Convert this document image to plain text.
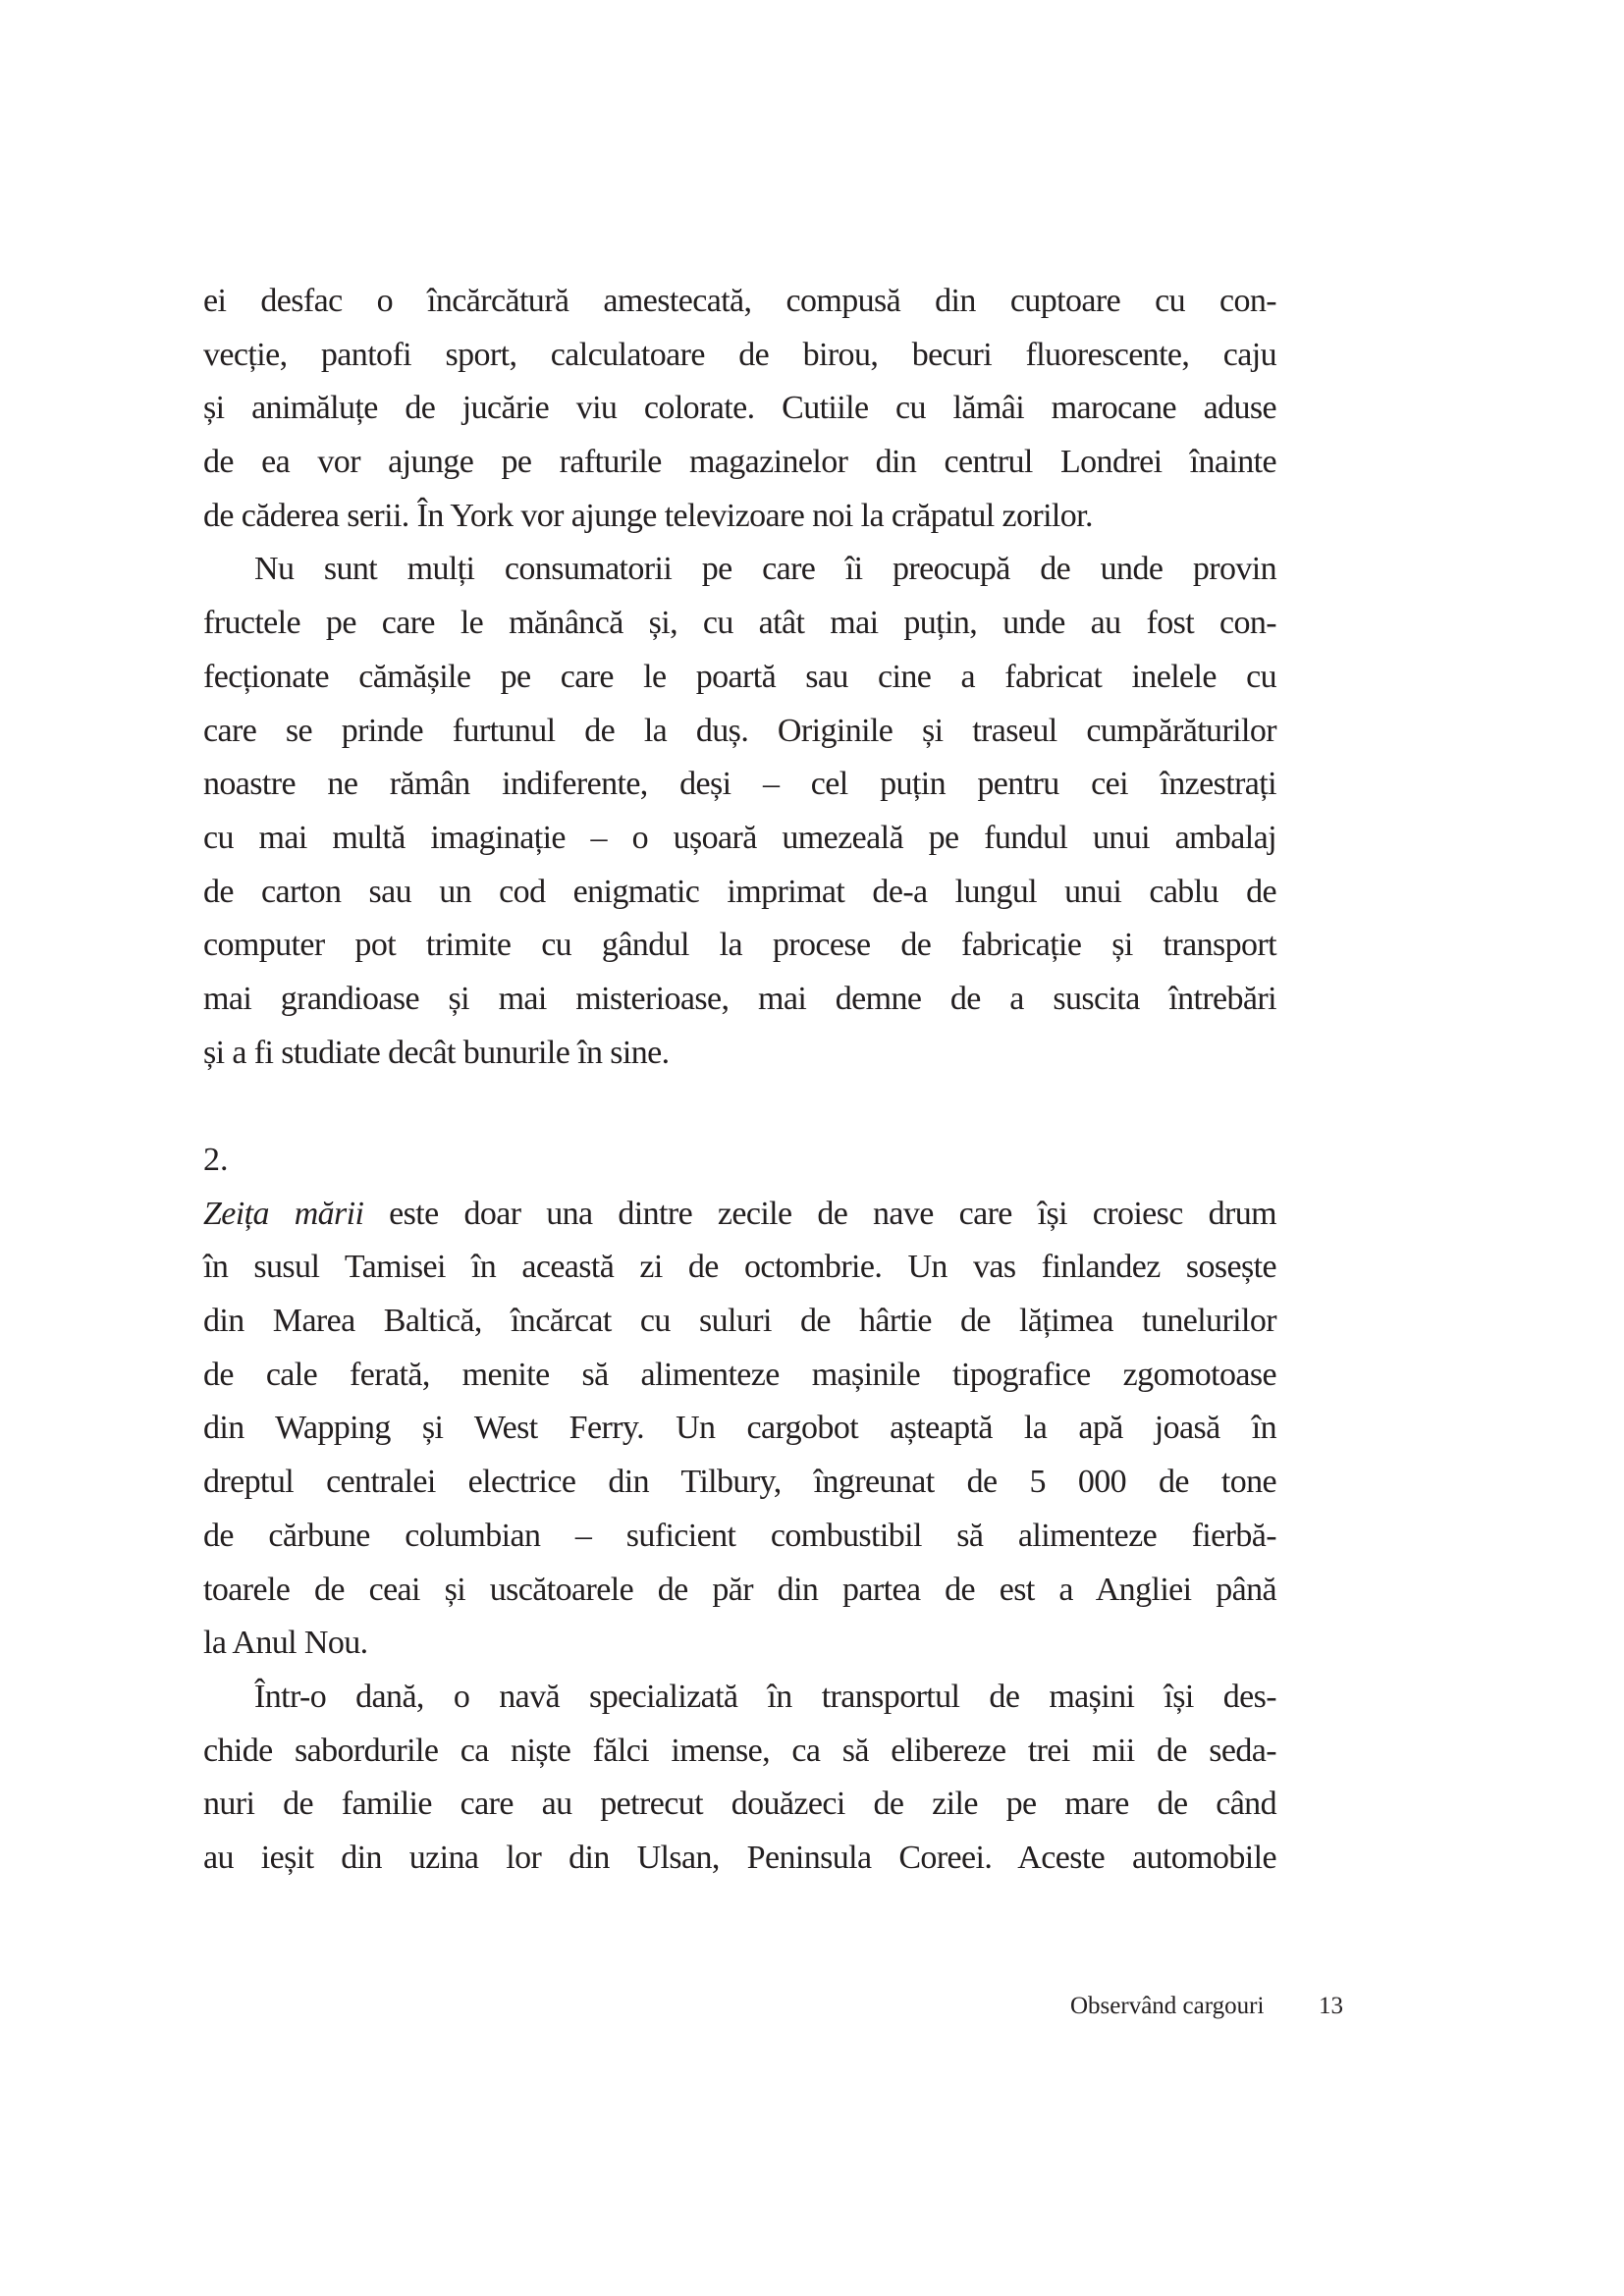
ei desfac o încărcătură amestecată, compusă din cuptoare cu con-
vecție, pantofi sport, calculatoare de birou, becuri fluorescente, caju
și animăluțe de jucărie viu colorate. Cutiile cu lămâi marocane aduse
de ea vor ajunge pe rafturile magazinelor din centrul Londrei înainte
de căderea serii. În York vor ajunge televizoare noi la crăpatul zorilor.
Nu sunt mulți consumatorii pe care îi preocupă de unde provin
fructele pe care le mănâncă și, cu atât mai puțin, unde au fost con-
fecționate cămășile pe care le poartă sau cine a fabricat inelele cu
care se prinde furtunul de la duș. Originile și traseul cumpărăturilor
noastre ne rămân indiferente, deși – cel puțin pentru cei înzestrați
cu mai multă imaginație – o ușoară umezeală pe fundul unui ambalaj
de carton sau un cod enigmatic imprimat de-a lungul unui cablu de
computer pot trimite cu gândul la procese de fabricație și transport
mai grandioase și mai misterioase, mai demne de a suscita întrebări
și a fi studiate decât bunurile în sine.
2.
Zeița mării este doar una dintre zecile de nave care își croiesc drum
în susul Tamisei în această zi de octombrie. Un vas finlandez sosește
din Marea Baltică, încărcat cu suluri de hârtie de lățimea tunelurilor
de cale ferată, menite să alimenteze mașinile tipografice zgomotoase
din Wapping și West Ferry. Un cargobot așteaptă la apă joasă în
dreptul centralei electrice din Tilbury, îngreunat de 5 000 de tone
de cărbune columbian – suficient combustibil să alimenteze fierbă-
toarele de ceai și uscătoarele de păr din partea de est a Angliei până
la Anul Nou.
Într-o dană, o navă specializată în transportul de mașini își des-
chide sabordurile ca niște fălci imense, ca să elibereze trei mii de seda-
nuri de familie care au petrecut douăzeci de zile pe mare de când
au ieșit din uzina lor din Ulsan, Peninsula Coreei. Aceste automobile
Observând cargouri 13
